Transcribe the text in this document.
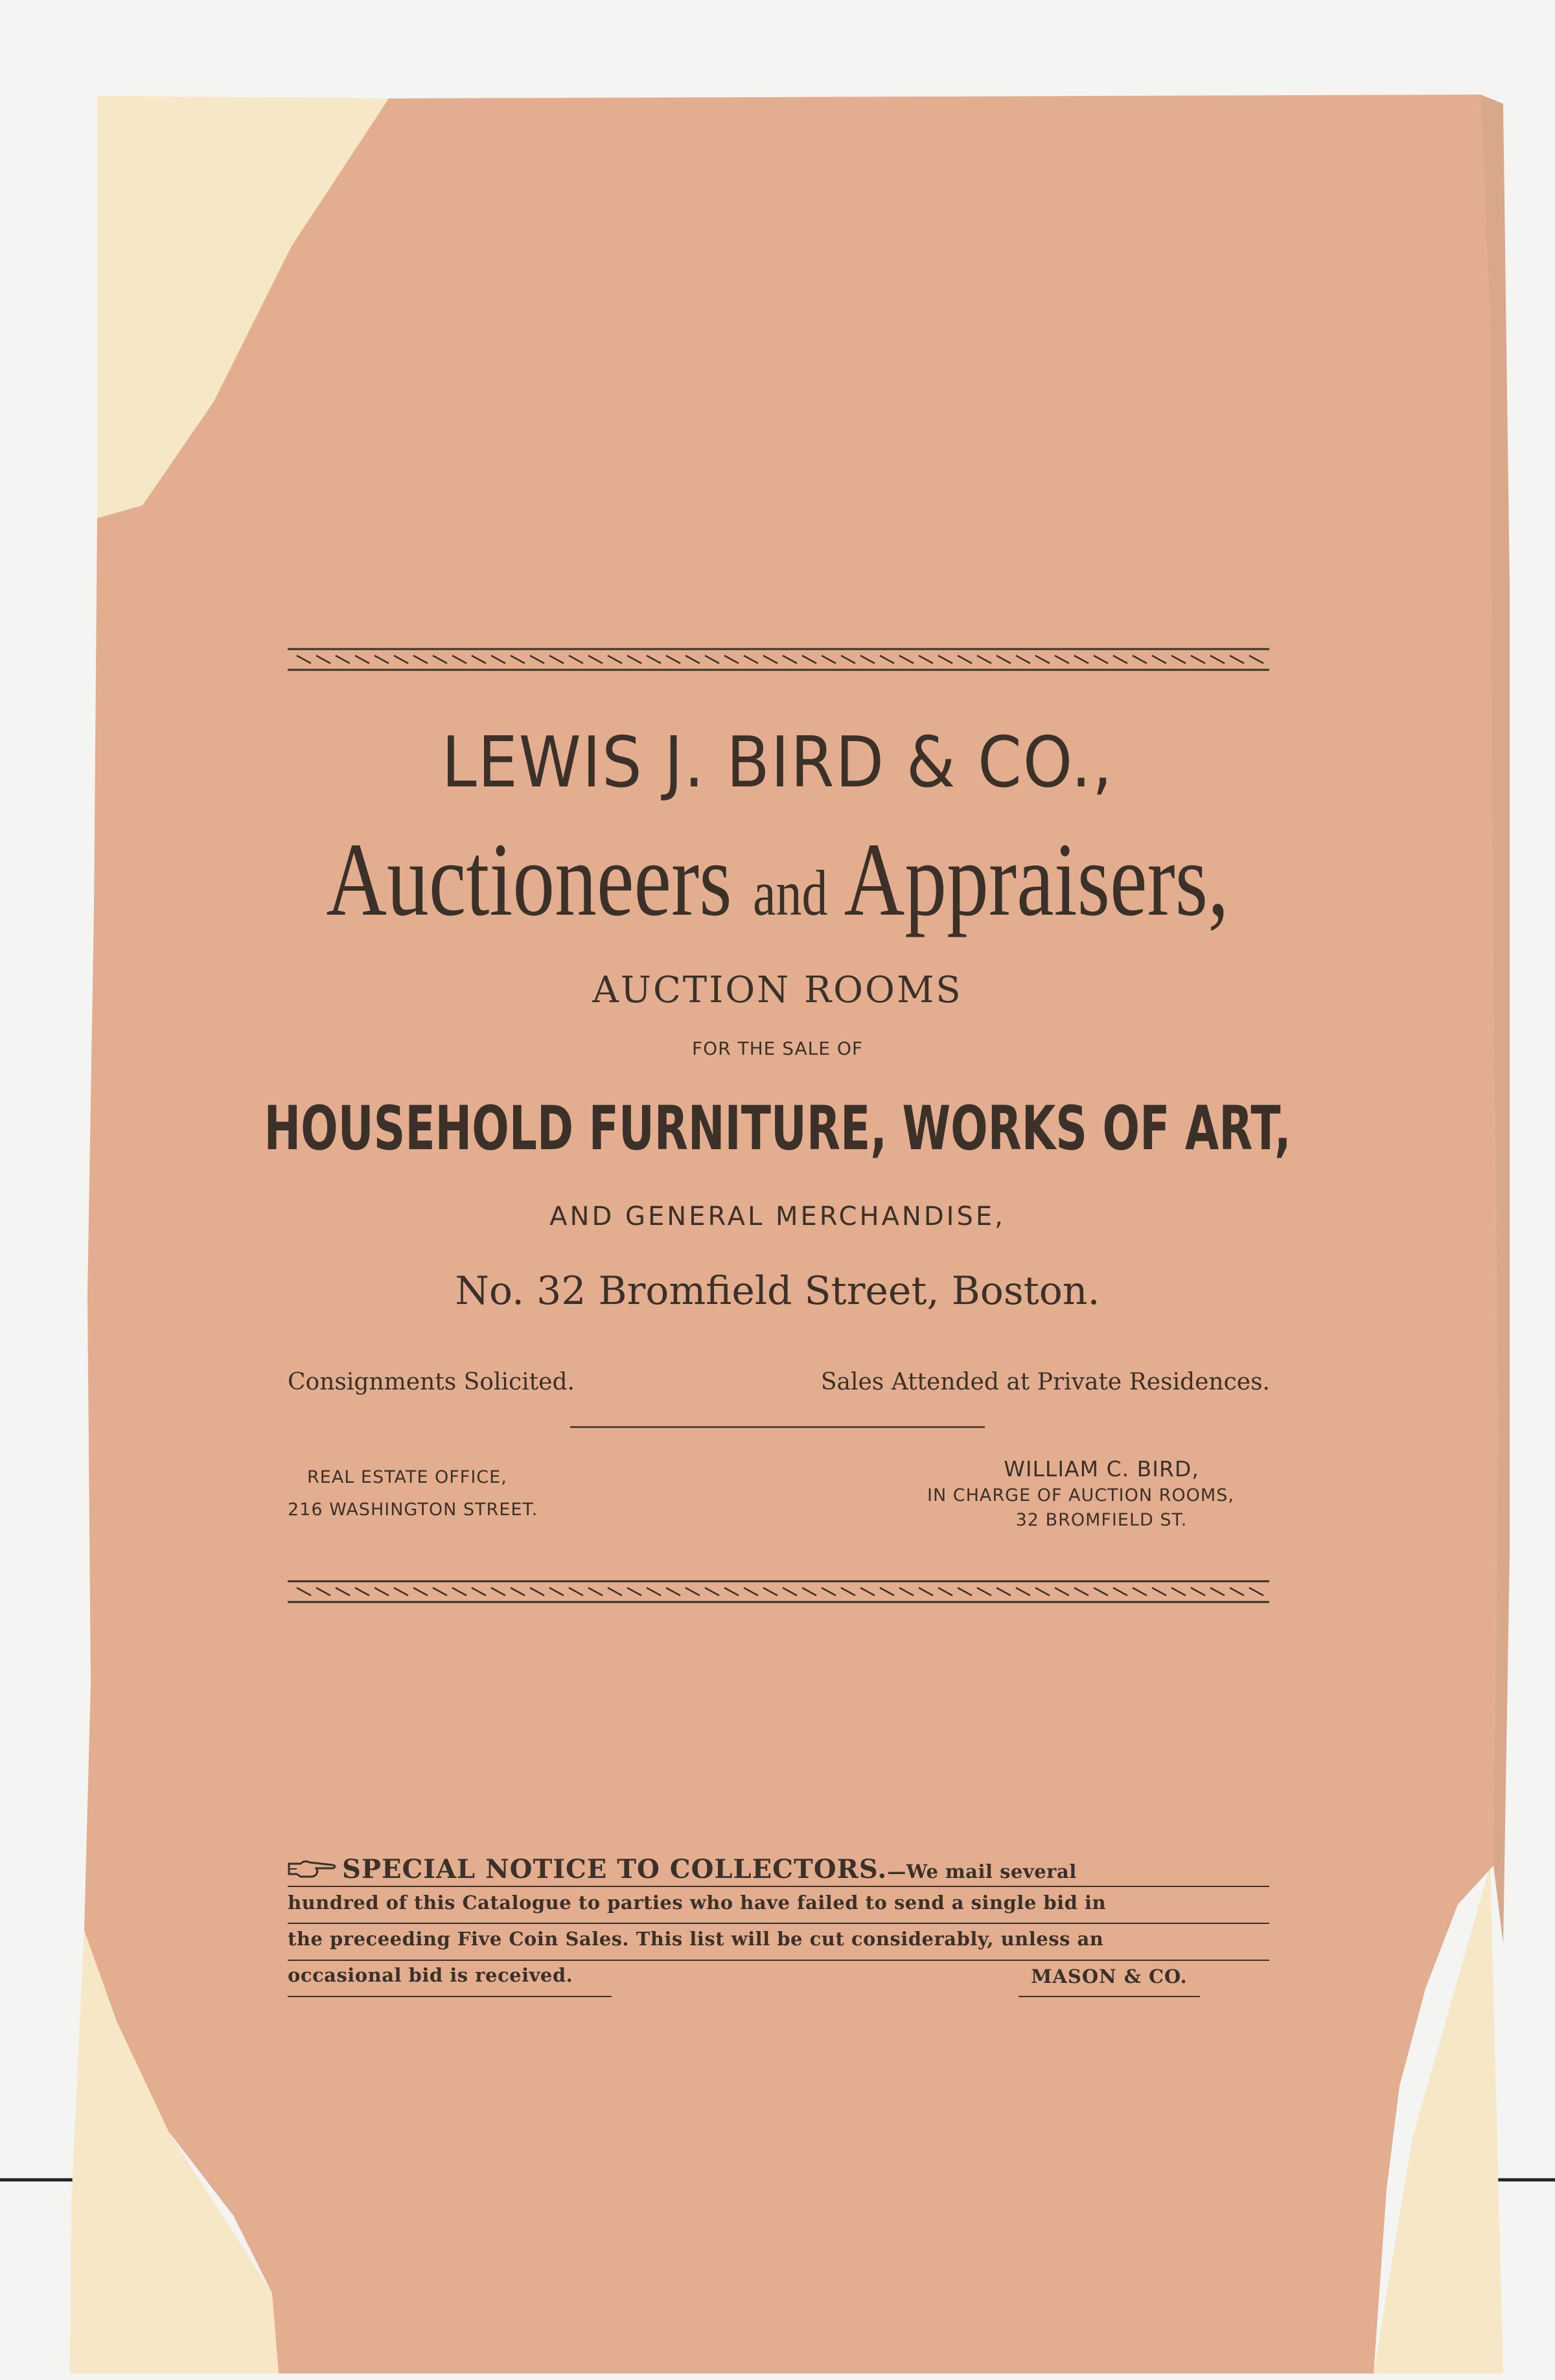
LEWIS J. BIRD & CO.,
Auctioneers and Appraisers,
AUCTION ROOMS
FOR THE SALE OF
HOUSEHOLD FURNITURE, WORKS OF ART,
AND GENERAL MERCHANDISE,
No. 32 Bromfield Street, Boston.
Consignments Solicited.	Sales Attended at Private Residences.
REAL ESTATE OFFICE,
216 WASHINGTON STREET.
WILLIAM C. BIRD,
IN CHARGE OF AUCTION ROOMS,
32 BROMFIELD ST.
SPECIAL NOTICE TO COLLECTORS.—We mail several
hundred of this Catalogue to parties who have failed to send a single bid in
the preceeding Five Coin Sales. This list will be cut considerably, unless an
occasional bid is received.	MASON & CO.
